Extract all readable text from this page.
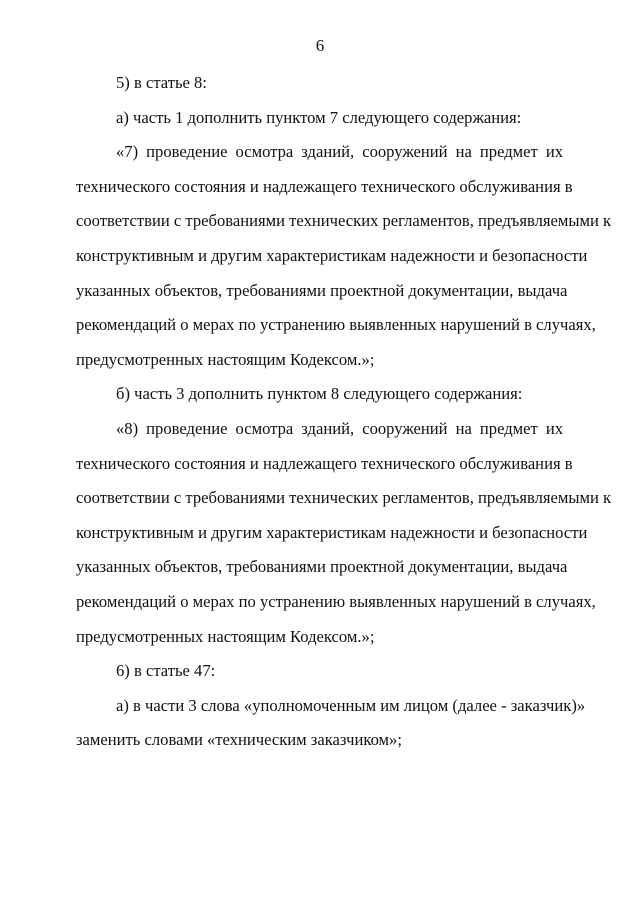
6
5) в статье 8:
а) часть 1 дополнить пунктом 7 следующего содержания:
«7) проведение осмотра зданий, сооружений на предмет их
технического состояния и надлежащего технического обслуживания в
соответствии с требованиями технических регламентов, предъявляемыми к
конструктивным и другим характеристикам надежности и безопасности
указанных объектов, требованиями проектной документации, выдача
рекомендаций о мерах по устранению выявленных нарушений в случаях,
предусмотренных настоящим Кодексом.»;
б) часть 3 дополнить пунктом 8 следующего содержания:
«8) проведение осмотра зданий, сооружений на предмет их
технического состояния и надлежащего технического обслуживания в
соответствии с требованиями технических регламентов, предъявляемыми к
конструктивным и другим характеристикам надежности и безопасности
указанных объектов, требованиями проектной документации, выдача
рекомендаций о мерах по устранению выявленных нарушений в случаях,
предусмотренных настоящим Кодексом.»;
6) в статье 47:
а) в части 3 слова «уполномоченным им лицом (далее - заказчик)»
заменить словами «техническим заказчиком»;
